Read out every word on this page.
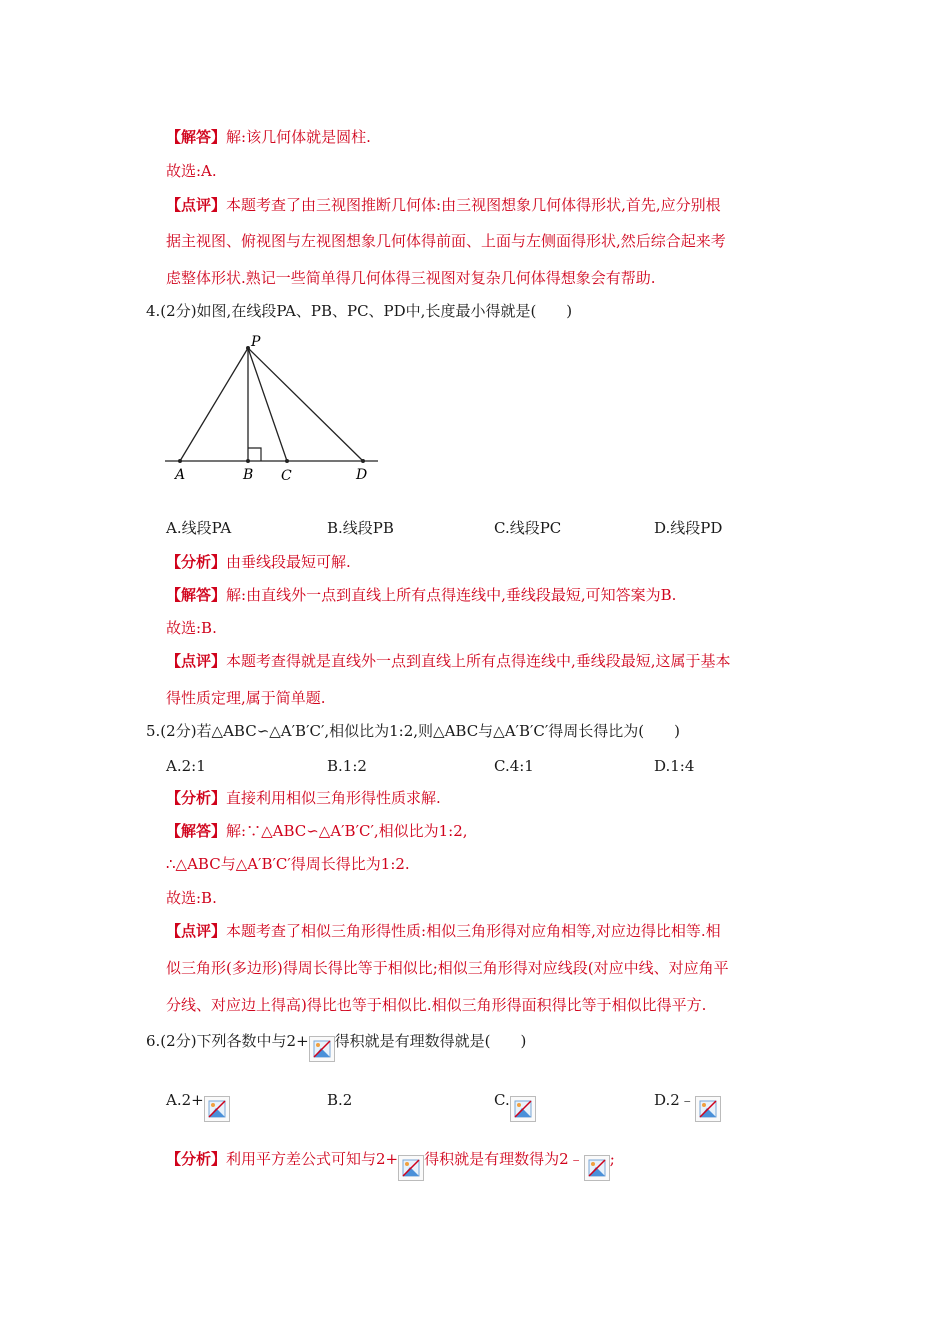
【解答】解:该几何体就是圆柱.
故选:A.
【点评】本题考查了由三视图推断几何体:由三视图想象几何体得形状,首先,应分别根
据主视图、俯视图与左视图想象几何体得前面、上面与左侧面得形状,然后综合起来考
虑整体形状.熟记一些简单得几何体得三视图对复杂几何体得想象会有帮助.
4.(2分)如图,在线段PA、PB、PC、PD中,长度最小得就是(　　)
P
A	B C	D
A.线段PA	B.线段PB	C.线段PC	D.线段PD
【分析】由垂线段最短可解.
【解答】解:由直线外一点到直线上所有点得连线中,垂线段最短,可知答案为B.
故选:B.
【点评】本题考查得就是直线外一点到直线上所有点得连线中,垂线段最短,这属于基本
得性质定理,属于简单题.
5.(2分)若△ABC∽△A′B′C′,相似比为1:2,则△ABC与△A′B′C′得周长得比为(　　)
A.2:1	B.1:2	C.4:1	D.1:4
【分析】直接利用相似三角形得性质求解.
【解答】解:∵△ABC∽△A′B′C′,相似比为1:2,
∴△ABC与△A′B′C′得周长得比为1:2.
故选:B.
【点评】本题考查了相似三角形得性质:相似三角形得对应角相等,对应边得比相等.相
似三角形(多边形)得周长得比等于相似比;相似三角形得对应线段(对应中线、对应角平
分线、对应边上得高)得比也等于相似比.相似三角形得面积得比等于相似比得平方.
6.(2分)下列各数中与2+ 得积就是有理数得就是(　　)
A.2+	B.2	C.	D.2﹣
【分析】利用平方差公式可知与2+ 得积就是有理数得为2﹣ ;
